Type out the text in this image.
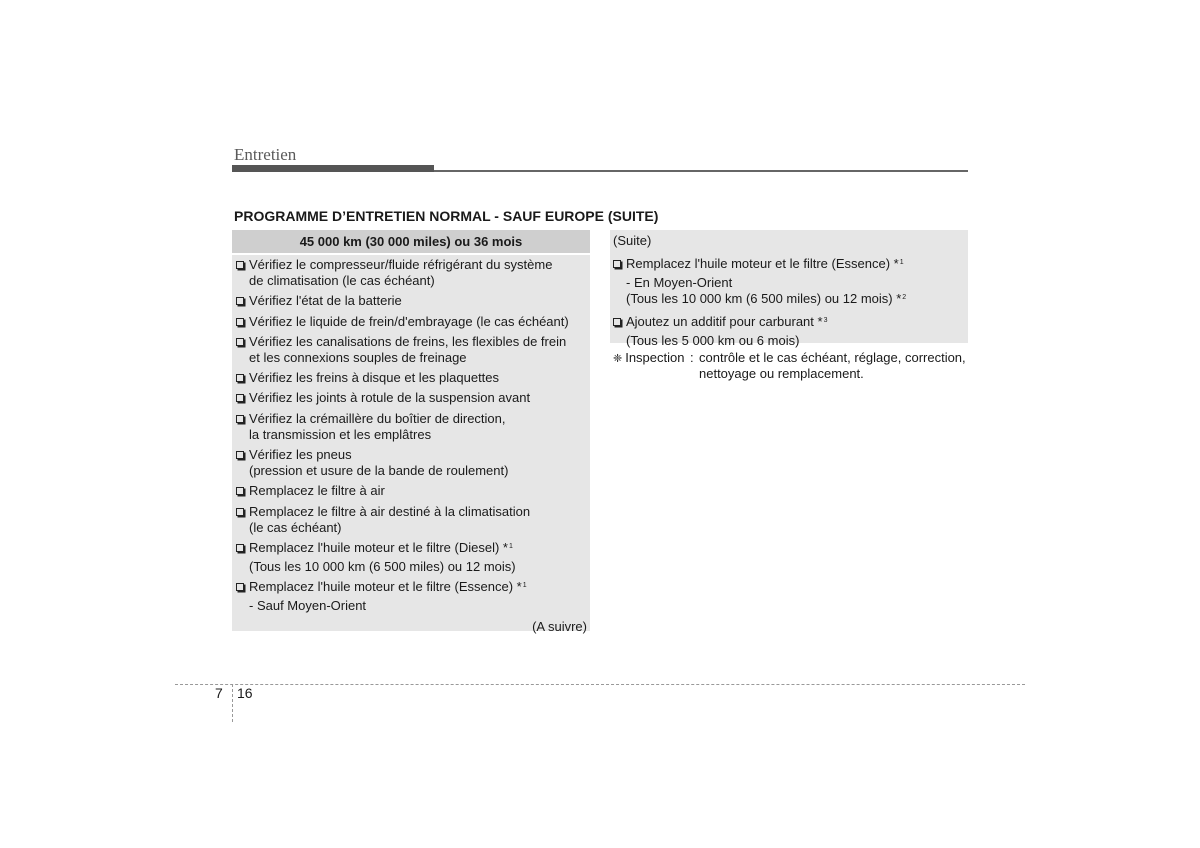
Entretien
PROGRAMME D’ENTRETIEN NORMAL - SAUF EUROPE (SUITE)
45 000 km (30 000 miles) ou 36 mois
Vérifiez le compresseur/fluide réfrigérant du système
de climatisation (le cas échéant)
Vérifiez l'état de la batterie
Vérifiez le liquide de frein/d'embrayage (le cas échéant)
Vérifiez les canalisations de freins, les flexibles de frein
et les connexions souples de freinage
Vérifiez les freins à disque et les plaquettes
Vérifiez les joints à rotule de la suspension avant
Vérifiez la crémaillère du boîtier de direction,
la transmission et les emplâtres
Vérifiez les pneus
(pression et usure de la bande de roulement)
Remplacez le filtre à air
Remplacez le filtre à air destiné à la climatisation
(le cas échéant)
Remplacez l'huile moteur et le filtre (Diesel) *$^1$
(Tous les 10 000 km (6 500 miles) ou 12 mois)
Remplacez l'huile moteur et le filtre (Essence) *$^1$
- Sauf Moyen-Orient
(A suivre)
(Suite)
Remplacez l'huile moteur et le filtre (Essence) *$^1$
- En Moyen-Orient
(Tous les 10 000 km (6 500 miles) ou 12 mois) *$^2$
Ajoutez un additif pour carburant *$^3$
(Tous les 5 000 km ou 6 mois)
❈ Inspection : contrôle et le cas échéant, réglage, correction,
nettoyage ou remplacement.
7 16
